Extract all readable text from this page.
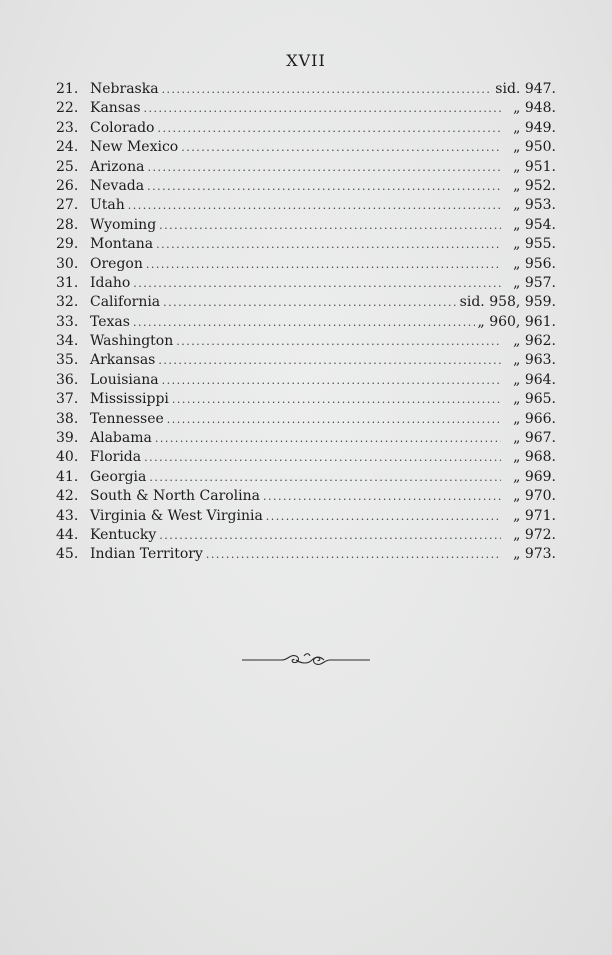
XVII
21. Nebraska .....	sid. 947.
22. Kansas .....	„ 948.
23. Colorado .....	„ 949.
24. New Mexico .....	„ 950.
25. Arizona .....	„ 951.
26. Nevada .....	„ 952.
27. Utah .....	„ 953.
28. Wyoming .....	„ 954.
29. Montana .....	„ 955.
30. Oregon .....	„ 956.
31. Idaho .....	„ 957.
32. California .....	sid. 958, 959.
33. Texas .....	„ 960, 961.
34. Washington .....	„ 962.
35. Arkansas .....	„ 963.
36. Louisiana .....	„ 964.
37. Mississippi .....	„ 965.
38. Tennessee .....	„ 966.
39. Alabama .....	„ 967.
40. Florida .....	„ 968.
41. Georgia .....	„ 969.
42. South & North Carolina .....	„ 970.
43. Virginia & West Virginia .....	„ 971.
44. Kentucky .....	„ 972.
45. Indian Territory .....	„ 973.
